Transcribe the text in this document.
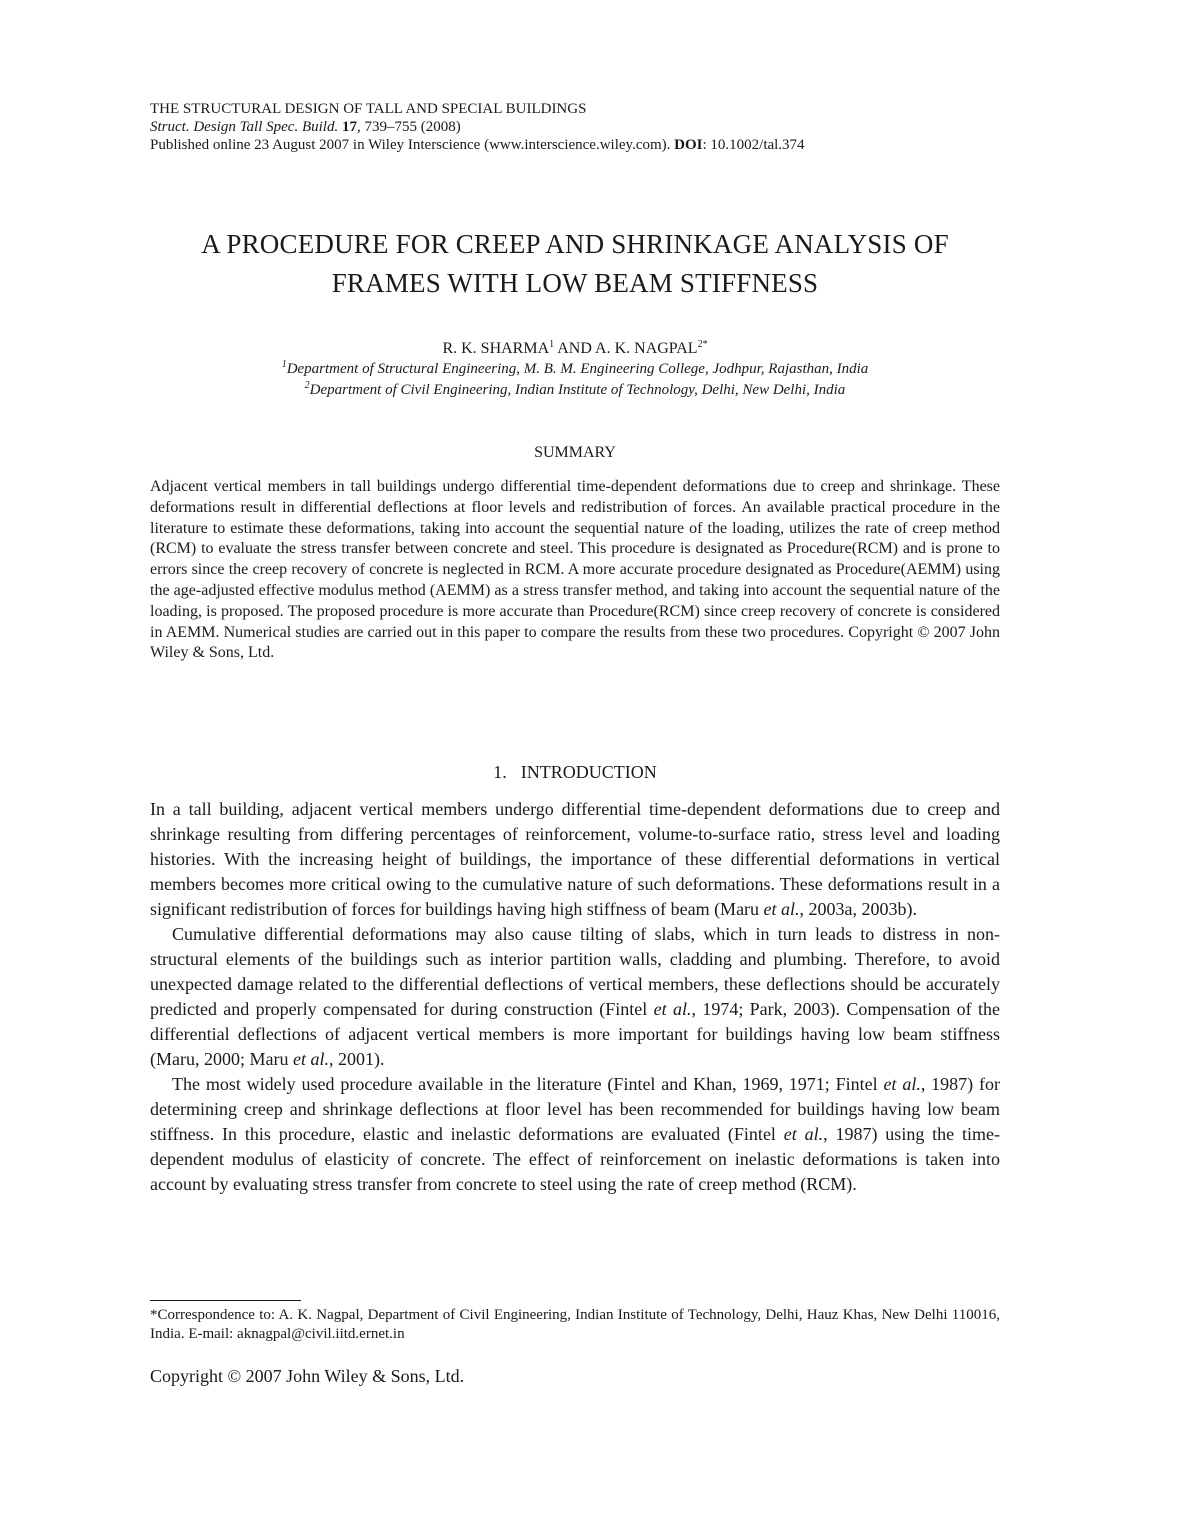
THE STRUCTURAL DESIGN OF TALL AND SPECIAL BUILDINGS
Struct. Design Tall Spec. Build. 17, 739–755 (2008)
Published online 23 August 2007 in Wiley Interscience (www.interscience.wiley.com). DOI: 10.1002/tal.374
A PROCEDURE FOR CREEP AND SHRINKAGE ANALYSIS OF
FRAMES WITH LOW BEAM STIFFNESS
R. K. SHARMA$^1$ AND A. K. $NAGPAL^{2*}$
$^1$Department of Structural Engineering, M. B. M. Engineering College, Jodhpur, Rajasthan, India
$^2$Department of Civil Engineering, Indian Institute of Technology, Delhi, New Delhi, India
SUMMARY
Adjacent vertical members in tall buildings undergo differential time-dependent deformations due to creep and shrinkage. These deformations result in differential deflections at floor levels and redistribution of forces. An available practical procedure in the literature to estimate these deformations, taking into account the sequential nature of the loading, utilizes the rate of creep method (RCM) to evaluate the stress transfer between concrete and steel. This procedure is designated as Procedure(RCM) and is prone to errors since the creep recovery of concrete is neglected in RCM. A more accurate procedure designated as Procedure(AEMM) using the age-adjusted effective modulus method (AEMM) as a stress transfer method, and taking into account the sequential nature of the loading, is proposed. The proposed procedure is more accurate than Procedure(RCM) since creep recovery of concrete is considered in AEMM. Numerical studies are carried out in this paper to compare the results from these two procedures. Copyright © 2007 John Wiley & Sons, Ltd.
1. INTRODUCTION

In a tall building, adjacent vertical members undergo differential time-dependent deformations due to creep and shrinkage resulting from differing percentages of reinforcement, volume-to-surface ratio, stress level and loading histories. With the increasing height of buildings, the importance of these differential deformations in vertical members becomes more critical owing to the cumulative nature of such deformations. These deformations result in a significant redistribution of forces for buildings having high stiffness of beam (Maru et al., 2003a, 2003b).

Cumulative differential deformations may also cause tilting of slabs, which in turn leads to distress in non-structural elements of the buildings such as interior partition walls, cladding and plumbing. Therefore, to avoid unexpected damage related to the differential deflections of vertical members, these deflections should be accurately predicted and properly compensated for during construction (Fintel et al., 1974; Park, 2003). Compensation of the differential deflections of adjacent vertical members is more important for buildings having low beam stiffness (Maru, 2000; Maru et al., 2001).

The most widely used procedure available in the literature (Fintel and Khan, 1969, 1971; Fintel et al., 1987) for determining creep and shrinkage deflections at floor level has been recommended for buildings having low beam stiffness. In this procedure, elastic and inelastic deformations are evaluated (Fintel et al., 1987) using the time-dependent modulus of elasticity of concrete. The effect of reinforcement on inelastic deformations is taken into account by evaluating stress transfer from concrete to steel using the rate of creep method (RCM).

*Correspondence to: A. K. Nagpal, Department of Civil Engineering, Indian Institute of Technology, Delhi, Hauz Khas, New Delhi 110016, India. E-mail: aknagpal@civil.iitd.ernet.in
Copyright © 2007 John Wiley & Sons, Ltd.
